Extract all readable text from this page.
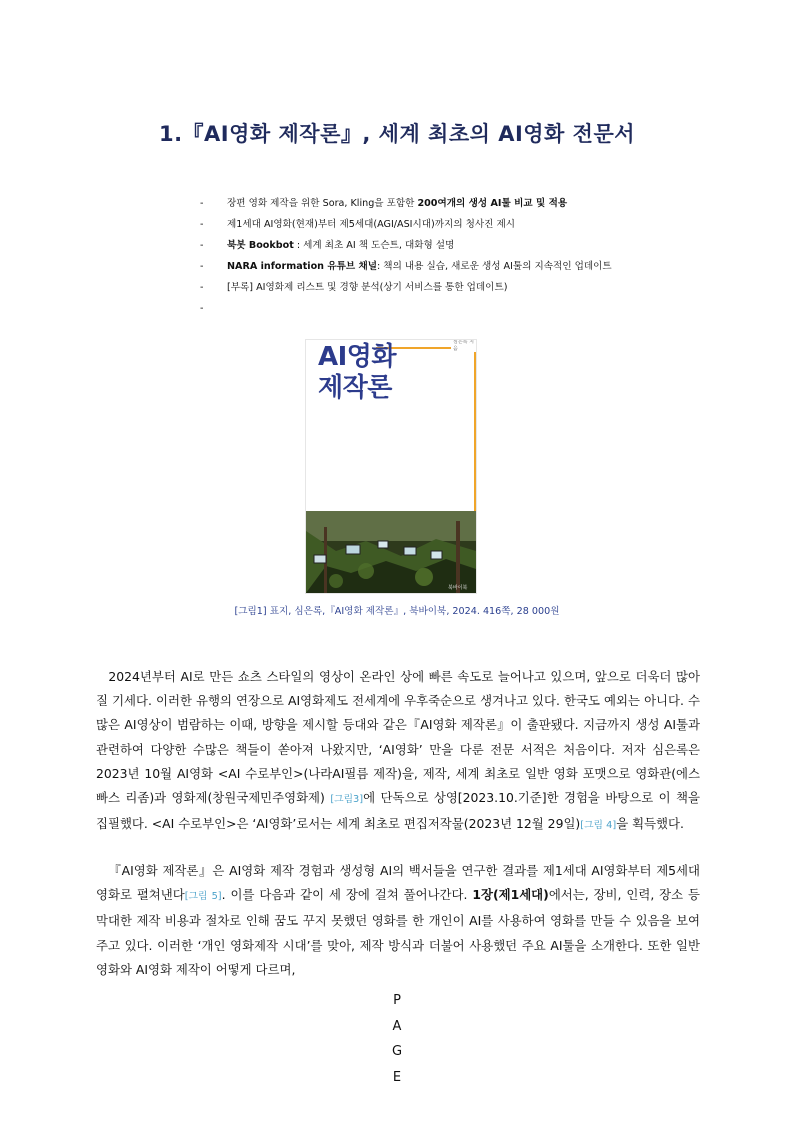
1.『AI영화 제작론』, 세계 최초의 AI영화 전문서
- 장편 영화 제작을 위한 Sora, Kling을 포함한 200여개의 생성 AI툴 비교 및 적용
- 제1세대 AI영화(현재)부터 제5세대(AGI/ASI시대)까지의 청사진 제시
- 북봇 Bookbot : 세계 최초 AI 책 도슨트, 대화형 설명
- NARA information 유튜브 채널: 책의 내용 실습, 새로운 생성 AI툴의 지속적인 업데이트
- [부록] AI영화제 리스트 및 경향 분석(상기 서비스를 통한 업데이트)
-
심은록 지음
AI영화
제작론
북바이북
[그림1] 표지, 심은록,『AI영화 제작론』, 북바이북, 2024. 416쪽, 28 000원

2024년부터 AI로 만든 쇼츠 스타일의 영상이 온라인 상에 빠른 속도로 늘어나고 있으며, 앞으로 더욱더 많아질 기세다. 이러한 유행의 연장으로 AI영화제도 전세계에 우후죽순으로 생겨나고 있다. 한국도 예외는 아니다. 수많은 AI영상이 범람하는 이때, 방향을 제시할 등대와 같은『AI영화 제작론』이 출판됐다. 지금까지 생성 AI툴과 관련하여 다양한 수많은 책들이 쏟아져 나왔지만, ‘AI영화’ 만을 다룬 전문 서적은 처음이다. 저자 심은록은 2023년 10월 AI영화 <AI 수로부인>(나라AI필름 제작)을, 제작, 세계 최초로 일반 영화 포맷으로 영화관(에스빠스 리좀)과 영화제(창원국제민주영화제) [그림3]에 단독으로 상영[2023.10.기준]한 경험을 바탕으로 이 책을 집필했다. <AI 수로부인>은 ‘AI영화’로서는 세계 최초로 편집저작물(2023년 12월 29일)[그림 4]을 획득했다.

『AI영화 제작론』은 AI영화 제작 경험과 생성형 AI의 백서들을 연구한 결과를 제1세대 AI영화부터 제5세대 영화로 펼쳐낸다[그림 5]. 이를 다음과 같이 세 장에 걸쳐 풀어나간다. 1장(제1세대)에서는, 장비, 인력, 장소 등 막대한 제작 비용과 절차로 인해 꿈도 꾸지 못했던 영화를 한 개인이 AI를 사용하여 영화를 만들 수 있음을 보여주고 있다. 이러한 ‘개인 영화제작 시대’를 맞아, 제작 방식과 더불어 사용했던 주요 AI툴을 소개한다. 또한 일반영화와 AI영화 제작이 어떻게 다르며,

P
A
G
E
